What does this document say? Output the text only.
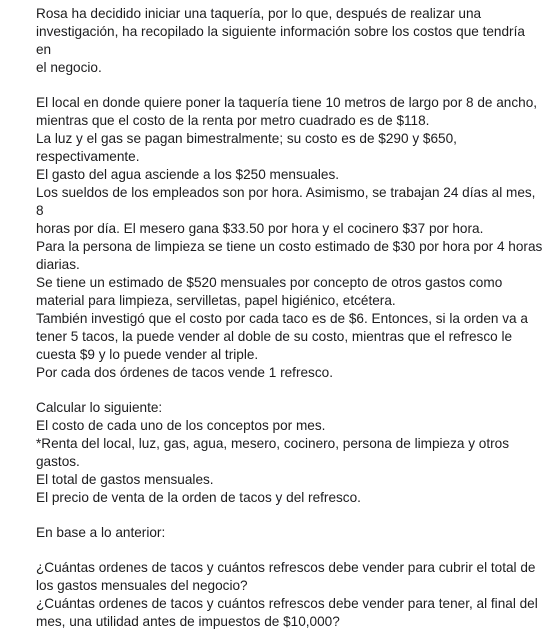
Rosa ha decidido iniciar una taquería, por lo que, después de realizar una
investigación, ha recopilado la siguiente información sobre los costos que tendría en
el negocio.

El local en donde quiere poner la taquería tiene 10 metros de largo por 8 de ancho,
mientras que el costo de la renta por metro cuadrado es de $118.

La luz y el gas se pagan bimestralmente; su costo es de $290 y $650,
respectivamente.

El gasto del agua asciende a los $250 mensuales.

Los sueldos de los empleados son por hora. Asimismo, se trabajan 24 días al mes, 8
horas por día. El mesero gana $33.50 por hora y el cocinero $37 por hora.

Para la persona de limpieza se tiene un costo estimado de $30 por hora por 4 horas
diarias.

Se tiene un estimado de $520 mensuales por concepto de otros gastos como
material para limpieza, servilletas, papel higiénico, etcétera.

También investigó que el costo por cada taco es de $6. Entonces, si la orden va a
tener 5 tacos, la puede vender al doble de su costo, mientras que el refresco le
cuesta $9 y lo puede vender al triple.

Por cada dos órdenes de tacos vende 1 refresco.

Calcular lo siguiente:

El costo de cada uno de los conceptos por mes.

*Renta del local, luz, gas, agua, mesero, cocinero, persona de limpieza y otros
gastos.

El total de gastos mensuales.

El precio de venta de la orden de tacos y del refresco.

En base a lo anterior:

¿Cuántas ordenes de tacos y cuántos refrescos debe vender para cubrir el total de
los gastos mensuales del negocio?

¿Cuántas ordenes de tacos y cuántos refrescos debe vender para tener, al final del
mes, una utilidad antes de impuestos de $10,000?
